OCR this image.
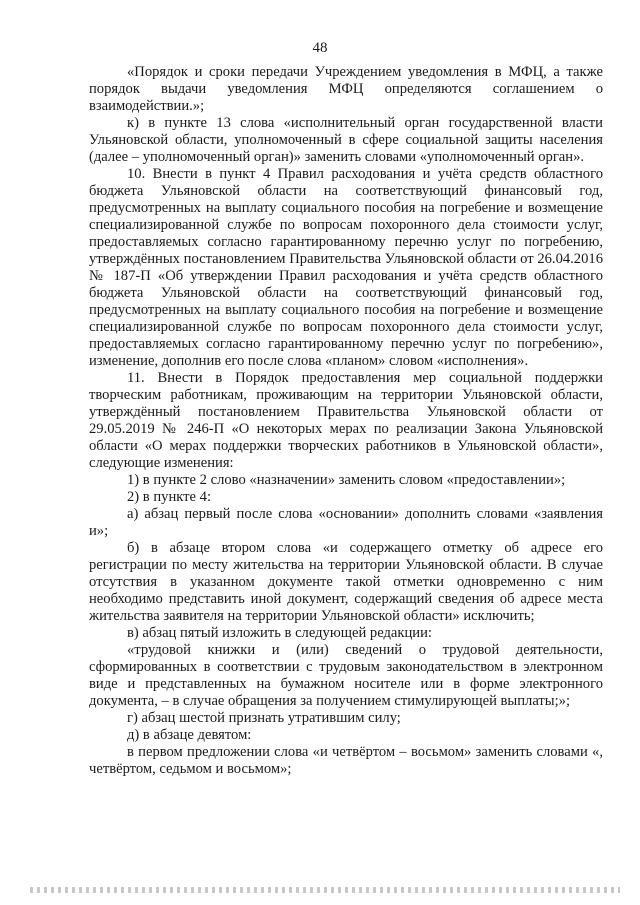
48

«Порядок и сроки передачи Учреждением уведомления в МФЦ, а также порядок выдачи уведомления МФЦ определяются соглашением о взаимодействии.»;

к) в пункте 13 слова «исполнительный орган государственной власти Ульяновской области, уполномоченный в сфере социальной защиты населения (далее – уполномоченный орган)» заменить словами «уполномоченный орган».

10. Внести в пункт 4 Правил расходования и учёта средств областного бюджета Ульяновской области на соответствующий финансовый год, предусмотренных на выплату социального пособия на погребение и возмещение специализированной службе по вопросам похоронного дела стоимости услуг, предоставляемых согласно гарантированному перечню услуг по погребению, утверждённых постановлением Правительства Ульяновской области от 26.04.2016 № 187-П «Об утверждении Правил расходования и учёта средств областного бюджета Ульяновской области на соответствующий финансовый год, предусмотренных на выплату социального пособия на погребение и возмещение специализированной службе по вопросам похоронного дела стоимости услуг, предоставляемых согласно гарантированному перечню услуг по погребению», изменение, дополнив его после слова «планом» словом «исполнения».

11. Внести в Порядок предоставления мер социальной поддержки творческим работникам, проживающим на территории Ульяновской области, утверждённый постановлением Правительства Ульяновской области от 29.05.2019 № 246-П «О некоторых мерах по реализации Закона Ульяновской области «О мерах поддержки творческих работников в Ульяновской области», следующие изменения:

1) в пункте 2 слово «назначении» заменить словом «предоставлении»;

2) в пункте 4:

а) абзац первый после слова «основании» дополнить словами «заявления и»;

б) в абзаце втором слова «и содержащего отметку об адресе его регистрации по месту жительства на территории Ульяновской области. В случае отсутствия в указанном документе такой отметки одновременно с ним необходимо представить иной документ, содержащий сведения об адресе места жительства заявителя на территории Ульяновской области» исключить;

в) абзац пятый изложить в следующей редакции:

«трудовой книжки и (или) сведений о трудовой деятельности, сформированных в соответствии с трудовым законодательством в электронном виде и представленных на бумажном носителе или в форме электронного документа, – в случае обращения за получением стимулирующей выплаты;»;

г) абзац шестой признать утратившим силу;

д) в абзаце девятом:

в первом предложении слова «и четвёртом – восьмом» заменить словами «, четвёртом, седьмом и восьмом»;
